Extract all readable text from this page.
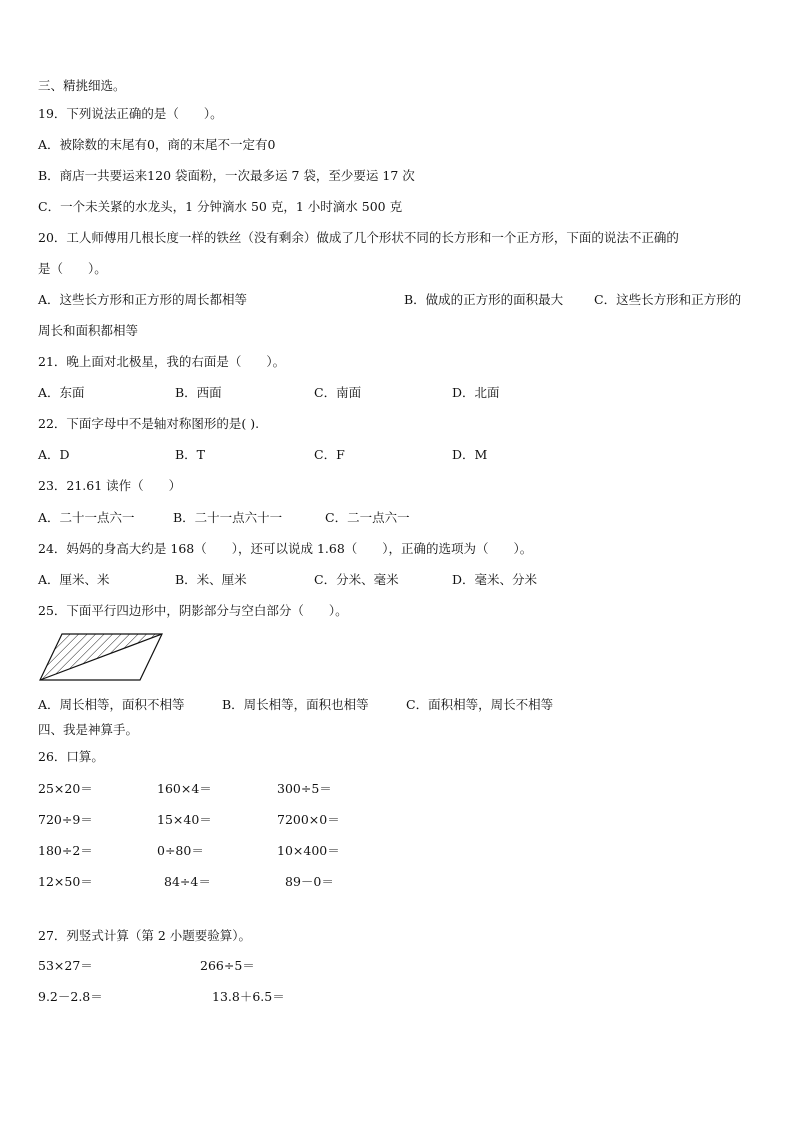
三、精挑细选。
19．下列说法正确的是（　　）。
A．被除数的末尾有0，商的末尾不一定有0
B．商店一共要运来120 袋面粉，一次最多运 7 袋，至少要运 17 次
C．一个未关紧的水龙头，1 分钟滴水 50 克，1 小时滴水 500 克
20．工人师傅用几根长度一样的铁丝（没有剩余）做成了几个形状不同的长方形和一个正方形，下面的说法不正确的
是（　　）。
A．这些长方形和正方形的周长都相等	B．做成的正方形的面积最大 C．这些长方形和正方形的
周长和面积都相等
21．晚上面对北极星，我的右面是（　　）。
A．东面	B．西面	C．南面	D．北面
22．下面字母中不是轴对称图形的是( ).
A．D	B．T	C．F	D．M
23．21.61 读作（　　）
A．二十一点六一	B．二十一点六十一	C．二一点六一
24．妈妈的身高大约是 168（　　），还可以说成 1.68（　　），正确的选项为（　　）。
A．厘米、米	B．米、厘米	C．分米、毫米	D．毫米、分米
25．下面平行四边形中，阴影部分与空白部分（　　）。
A．周长相等，面积不相等	B．周长相等，面积也相等	C．面积相等，周长不相等
四、我是神算手。
26．口算。
25×20＝	160×4＝	300÷5＝
720÷9＝	15×40＝	7200×0＝
180÷2＝	0÷80＝	10×400＝
12×50＝	84÷4＝	89－0＝
27．列竖式计算（第 2 小题要验算）。
53×27＝	266÷5＝
9.2－2.8＝	13.8＋6.5＝
